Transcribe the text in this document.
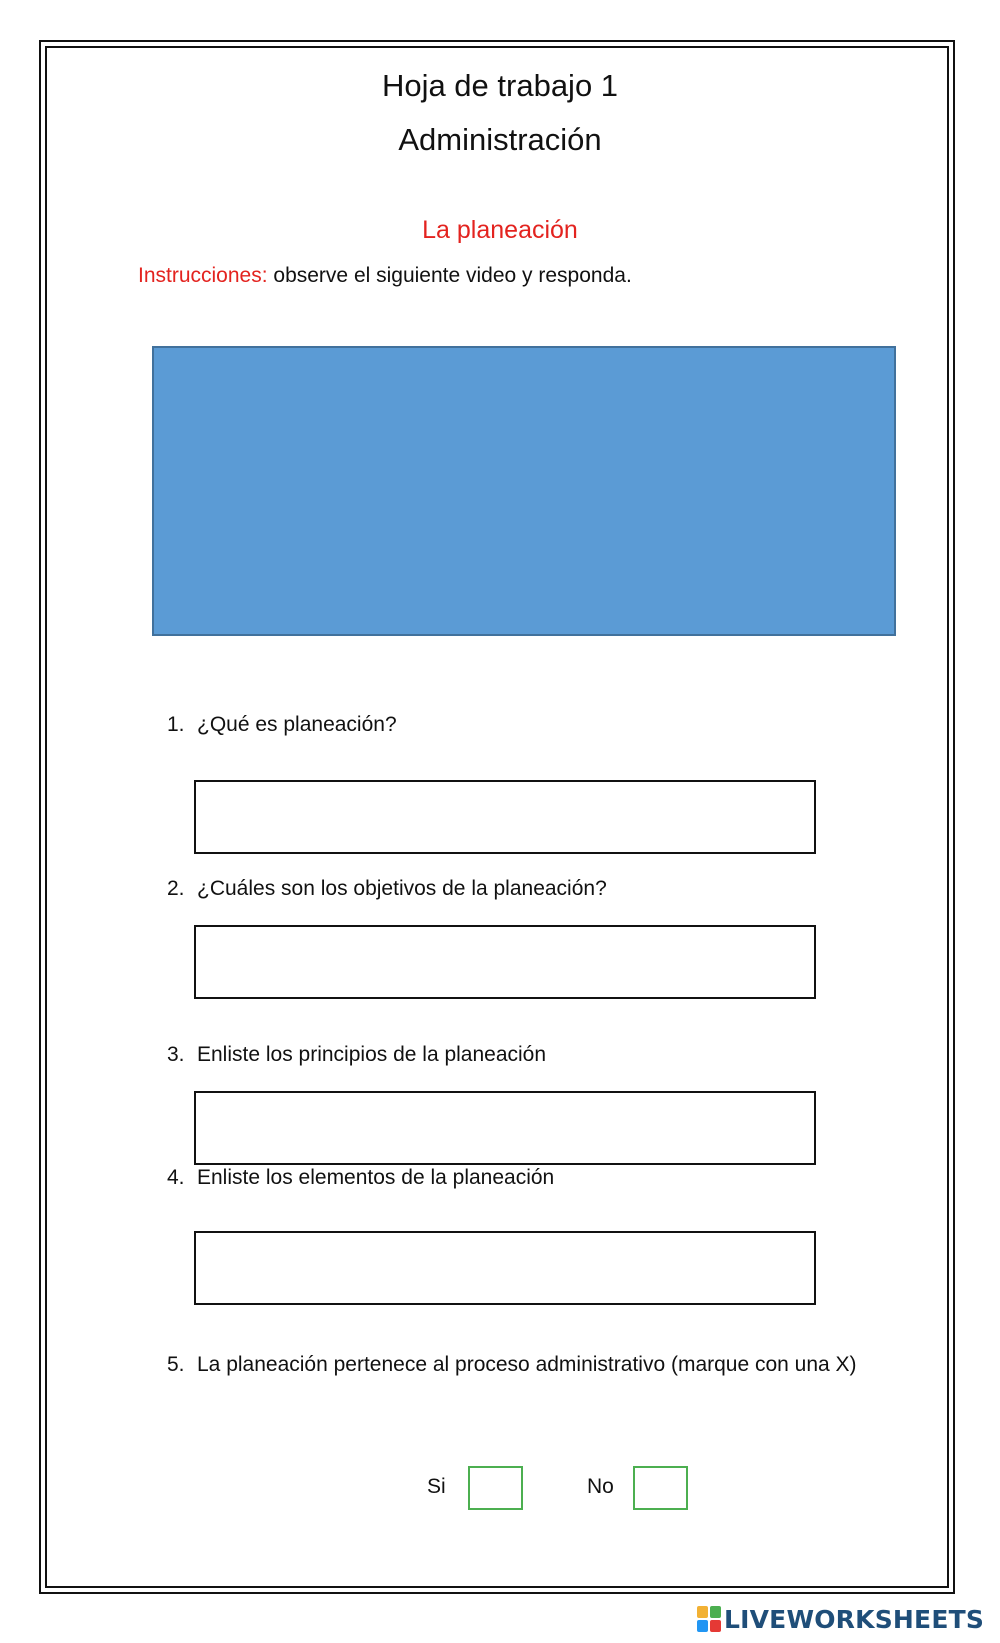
Hoja de trabajo 1
Administración
La planeación
Instrucciones: observe el siguiente video y responda.
1. ¿Qué es planeación?
2. ¿Cuáles son los objetivos de la planeación?
3. Enliste los principios de la planeación
4. Enliste los elementos de la planeación
5. La planeación pertenece al proceso administrativo (marque con una X)
Si	No
LIVEWORKSHEETS
